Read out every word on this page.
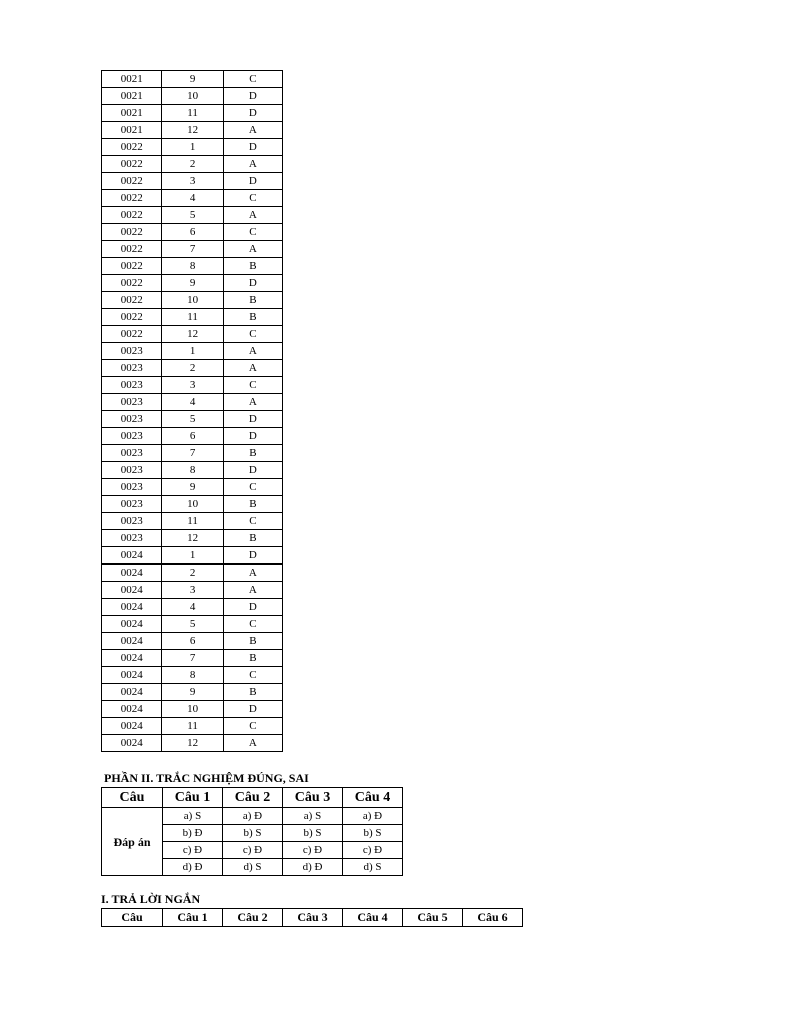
0021	9	C
0021	10	D
0021	11	D
0021	12	A
0022	1	D
0022	2	A
0022	3	D
0022	4	C
0022	5	A
0022	6	C
0022	7	A
0022	8	B
0022	9	D
0022	10	B
0022	11	B
0022	12	C
0023	1	A
0023	2	A
0023	3	C
0023	4	A
0023	5	D
0023	6	D
0023	7	B
0023	8	D
0023	9	C
0023	10	B
0023	11	C
0023	12	B
0024	1	D
0024	2	A
0024	3	A
0024	4	D
0024	5	C
0024	6	B
0024	7	B
0024	8	C
0024	9	B
0024	10	D
0024	11	C
0024	12	A
PHẦN II. TRẮC NGHIỆM ĐÚNG, SAI
Câu	Câu 1	Câu 2	Câu 3	Câu 4
Đáp án	a) S	a) Đ	a) S	a) Đ
	b) Đ	b) S	b) S	b) S
	c) Đ	c) Đ	c) Đ	c) Đ
	d) Đ	d) S	d) Đ	d) S
I. TRẢ LỜI NGẮN
Câu	Câu 1	Câu 2	Câu 3	Câu 4	Câu 5	Câu 6
